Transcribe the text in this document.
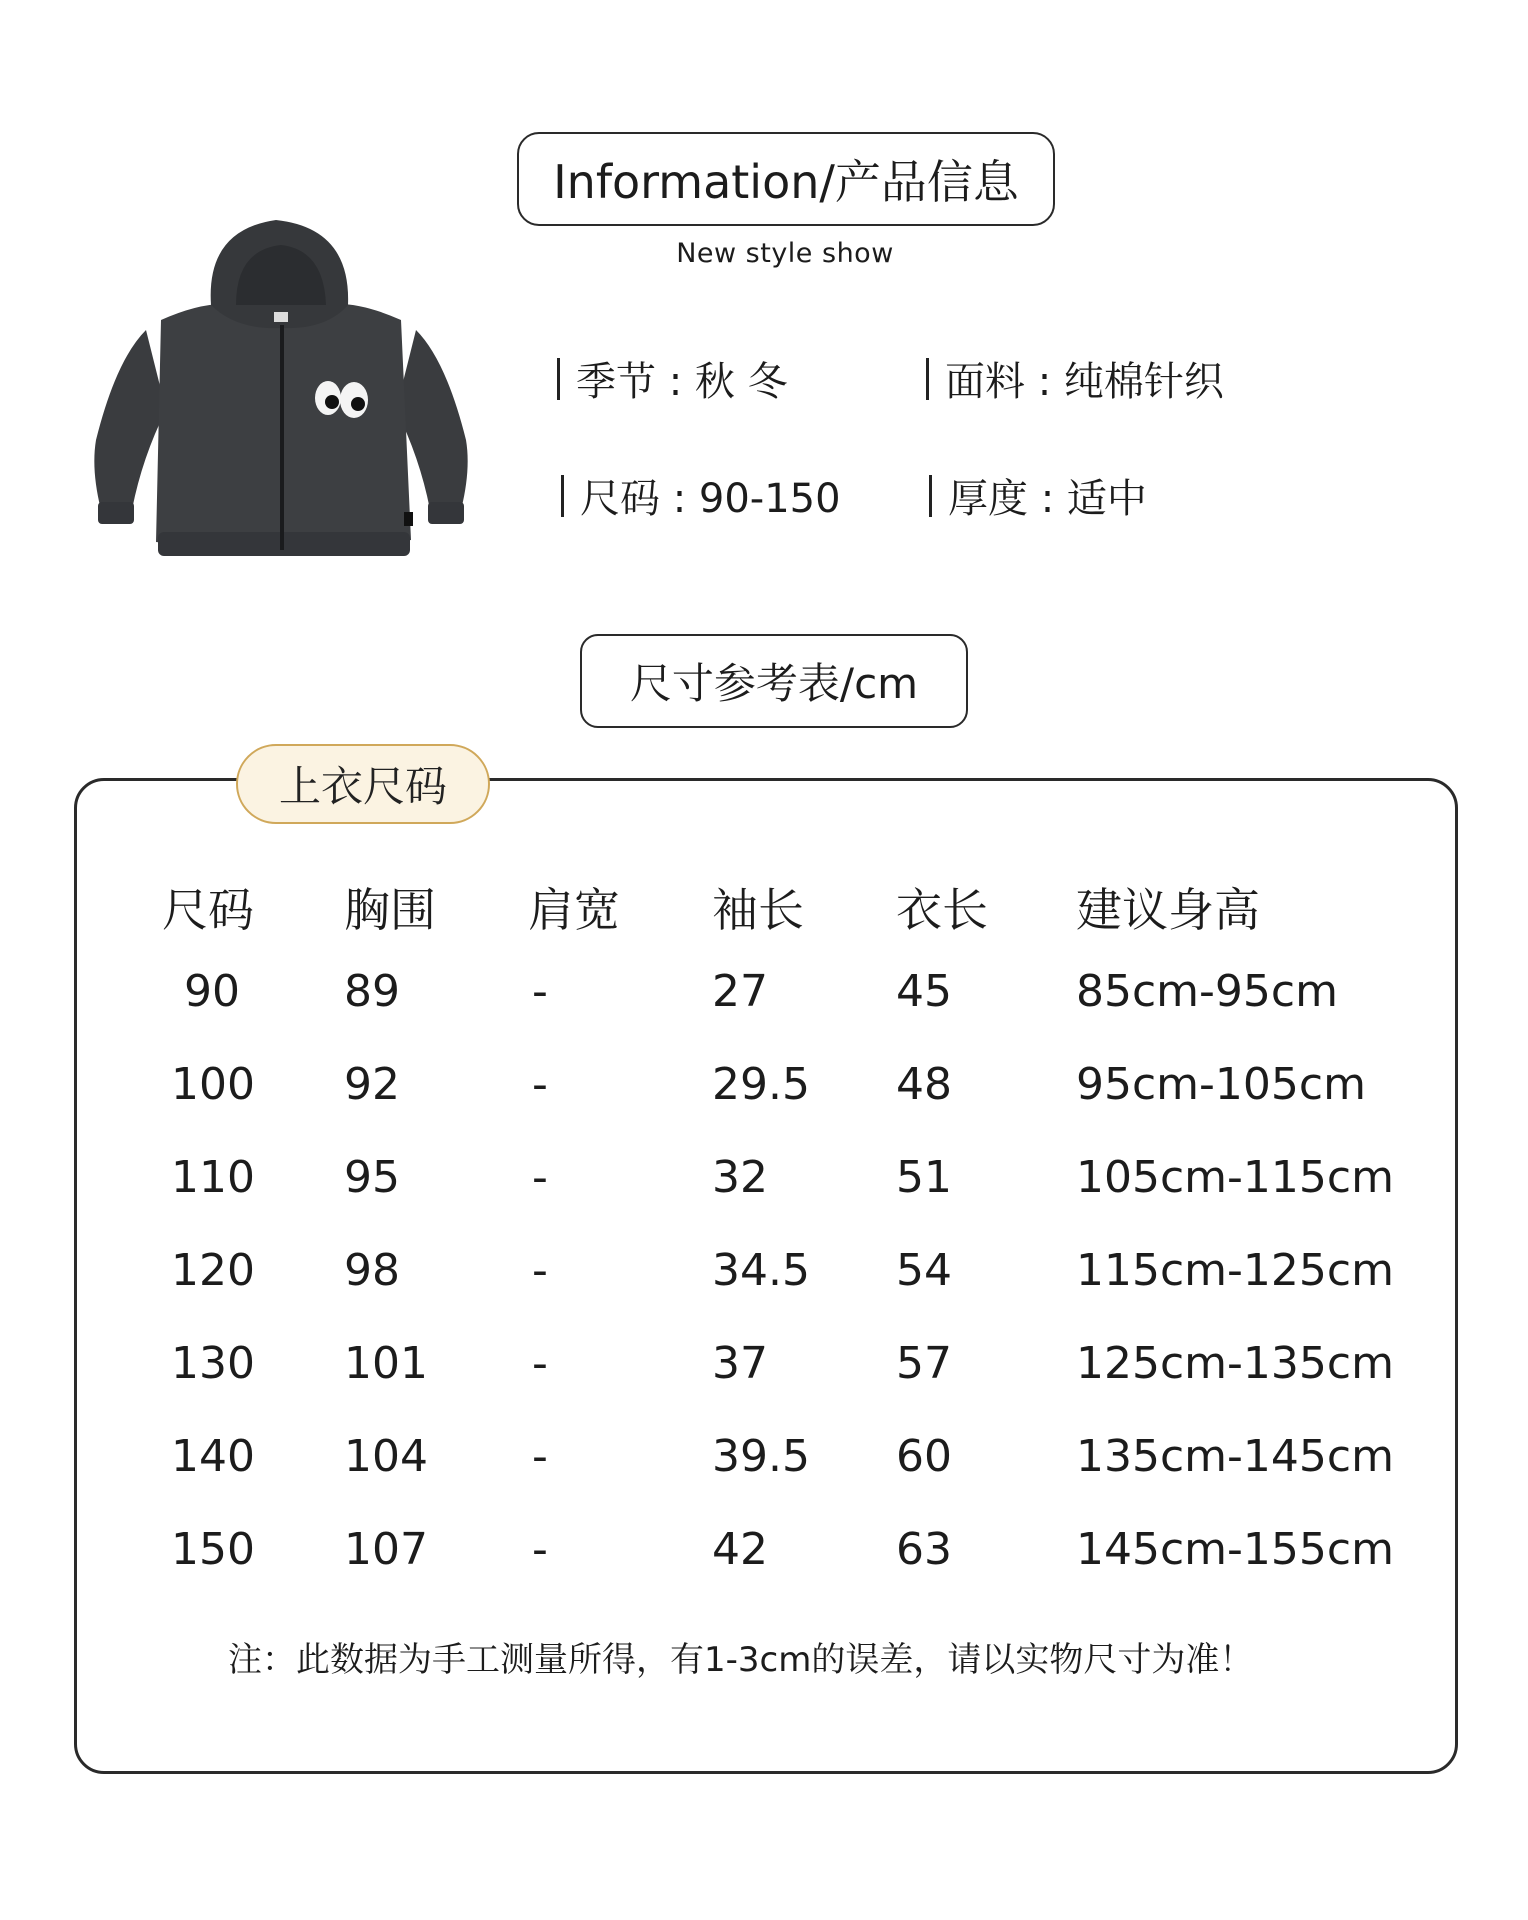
Information/产品信息
New style show
季节 : 秋 冬	面料 : 纯棉针织
尺码 : 90-150	厚度 : 适中
尺寸参考表/cm
上衣尺码
尺码 胸围 肩宽 袖长 衣长 建议身高
90 89	-	27	45	85cm-95cm
100 92	-	29.5 48	95cm-105cm
110 95	-	32	51	105cm-115cm
120 98	-	34.5 54	115cm-125cm
130 101 -	37	57	125cm-135cm
140 104 -	39.5 60	135cm-145cm
150 107 -	42	63	145cm-155cm
注：此数据为手工测量所得，有1-3cm的误差，请以实物尺寸为准！
